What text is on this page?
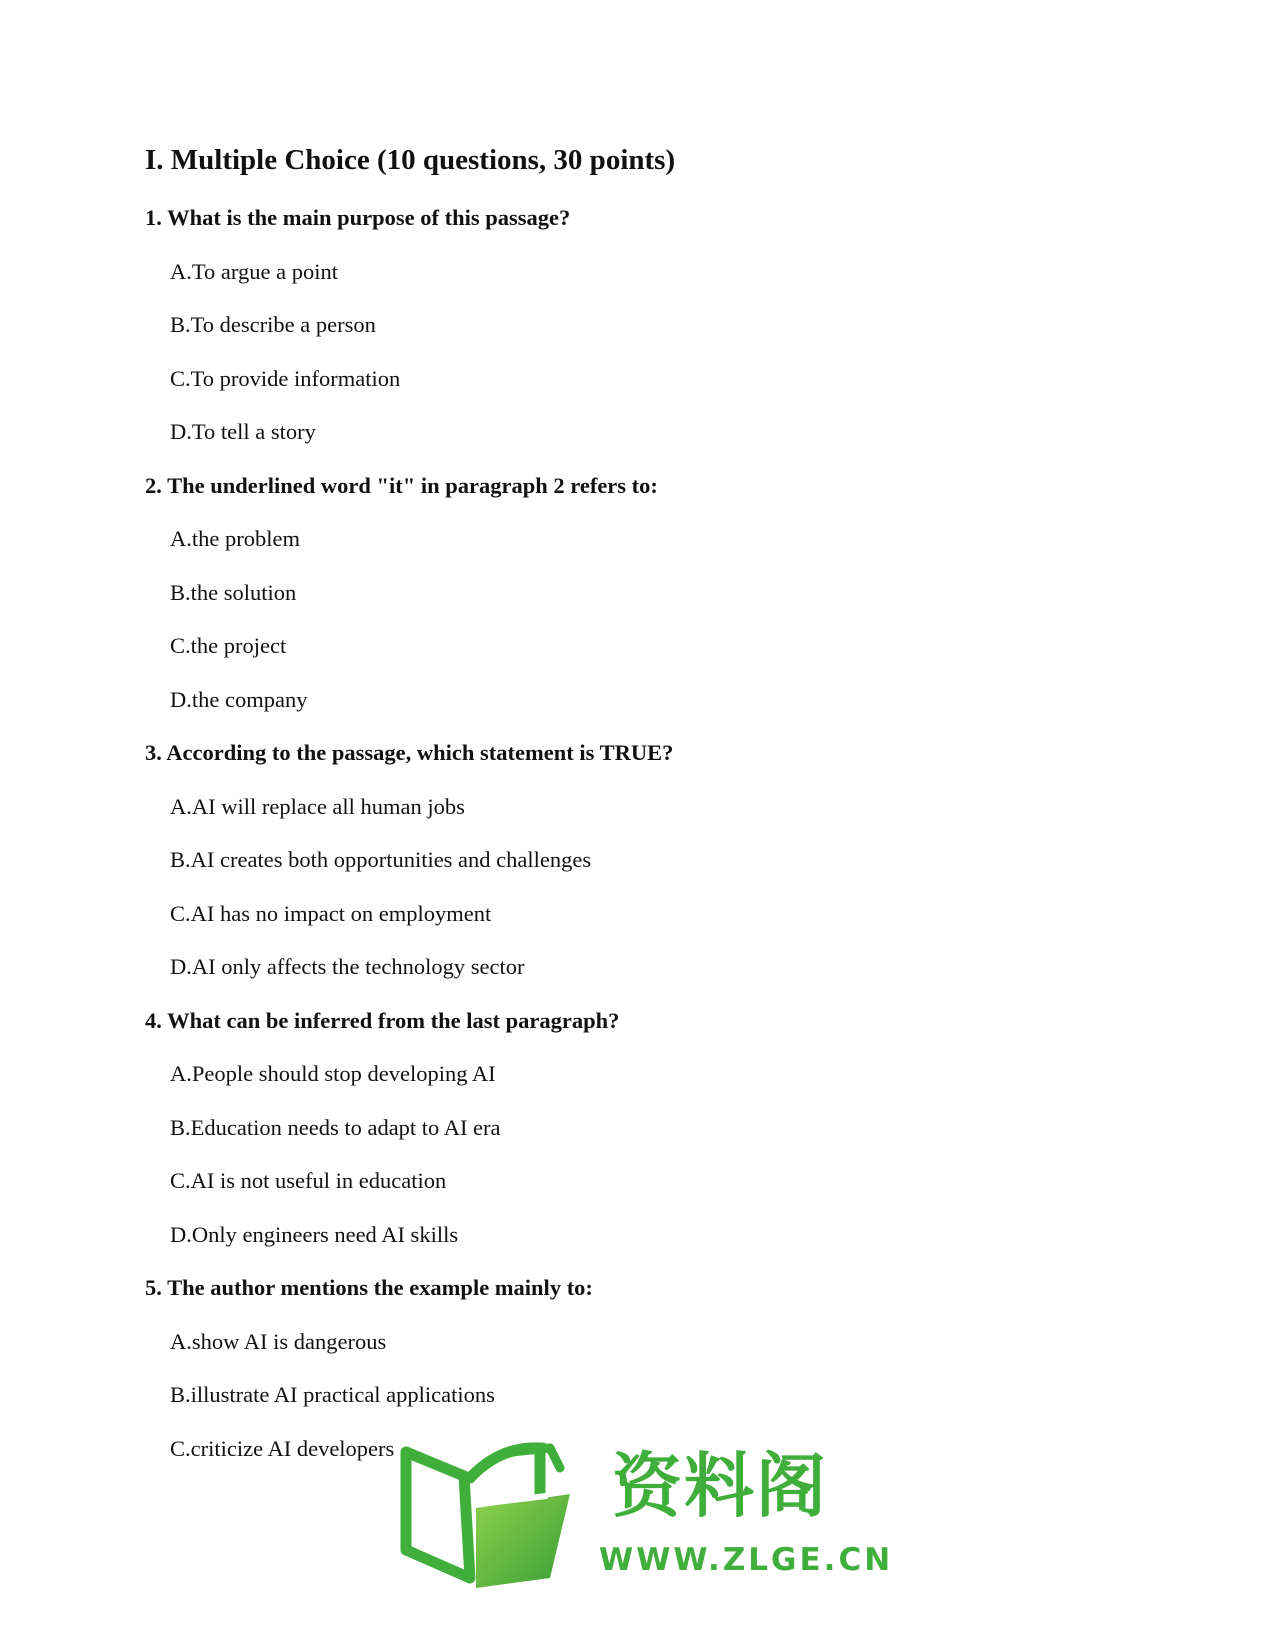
I. Multiple Choice (10 questions, 30 points)
1. What is the main purpose of this passage?
A.To argue a point
B.To describe a person
C.To provide information
D.To tell a story
2. The underlined word "it" in paragraph 2 refers to:
A.the problem
B.the solution
C.the project
D.the company
3. According to the passage, which statement is TRUE?
A.AI will replace all human jobs
B.AI creates both opportunities and challenges
C.AI has no impact on employment
D.AI only affects the technology sector
4. What can be inferred from the last paragraph?
A.People should stop developing AI
B.Education needs to adapt to AI era
C.AI is not useful in education
D.Only engineers need AI skills
5. The author mentions the example mainly to:
A.show AI is dangerous
B.illustrate AI practical applications
C.criticize AI developers	资料阁
WWW.ZLGE.CN
